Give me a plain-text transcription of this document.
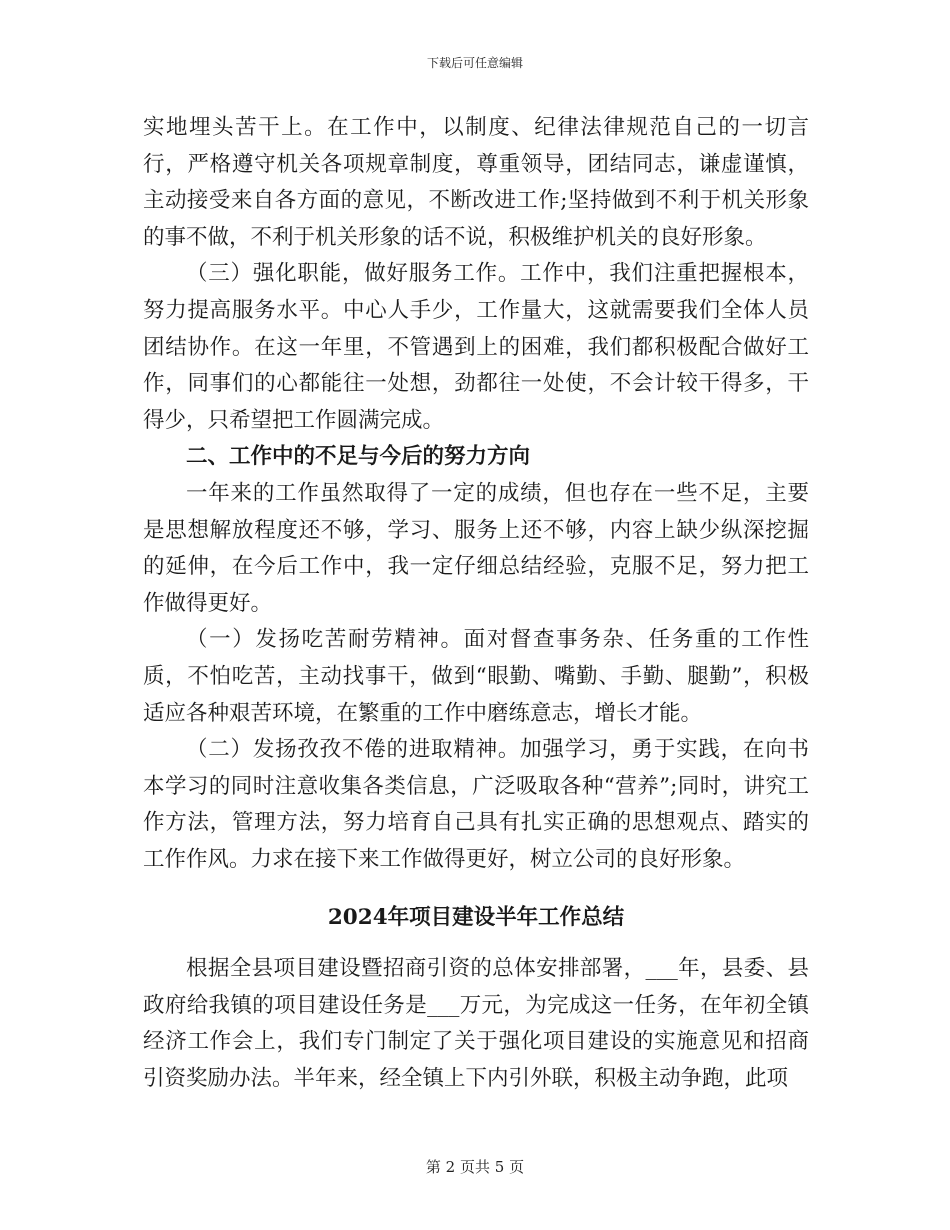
下载后可任意编辑

实地埋头苦干上。在工作中，以制度、纪律法律规范自己的一切言行，严格遵守机关各项规章制度，尊重领导，团结同志，谦虚谨慎，主动接受来自各方面的意见，不断改进工作;坚持做到不利于机关形象的事不做，不利于机关形象的话不说，积极维护机关的良好形象。

（三）强化职能，做好服务工作。工作中，我们注重把握根本，努力提高服务水平。中心人手少，工作量大，这就需要我们全体人员团结协作。在这一年里，不管遇到上的困难，我们都积极配合做好工作，同事们的心都能往一处想，劲都往一处使，不会计较干得多，干得少，只希望把工作圆满完成。

二、工作中的不足与今后的努力方向

一年来的工作虽然取得了一定的成绩，但也存在一些不足，主要是思想解放程度还不够，学习、服务上还不够，内容上缺少纵深挖掘的延伸，在今后工作中，我一定仔细总结经验，克服不足，努力把工作做得更好。

（一）发扬吃苦耐劳精神。面对督查事务杂、任务重的工作性质，不怕吃苦，主动找事干，做到“眼勤、嘴勤、手勤、腿勤”，积极适应各种艰苦环境，在繁重的工作中磨练意志，增长才能。

（二）发扬孜孜不倦的进取精神。加强学习，勇于实践，在向书本学习的同时注意收集各类信息，广泛吸取各种“营养”;同时，讲究工作方法，管理方法，努力培育自己具有扎实正确的思想观点、踏实的工作作风。力求在接下来工作做得更好，树立公司的良好形象。

2024年项目建设半年工作总结

根据全县项目建设暨招商引资的总体安排部署，___年，县委、县政府给我镇的项目建设任务是___万元，为完成这一任务，在年初全镇经济工作会上，我们专门制定了关于强化项目建设的实施意见和招商引资奖励办法。半年来，经全镇上下内引外联，积极主动争跑，此项

第 2 页共 5 页
